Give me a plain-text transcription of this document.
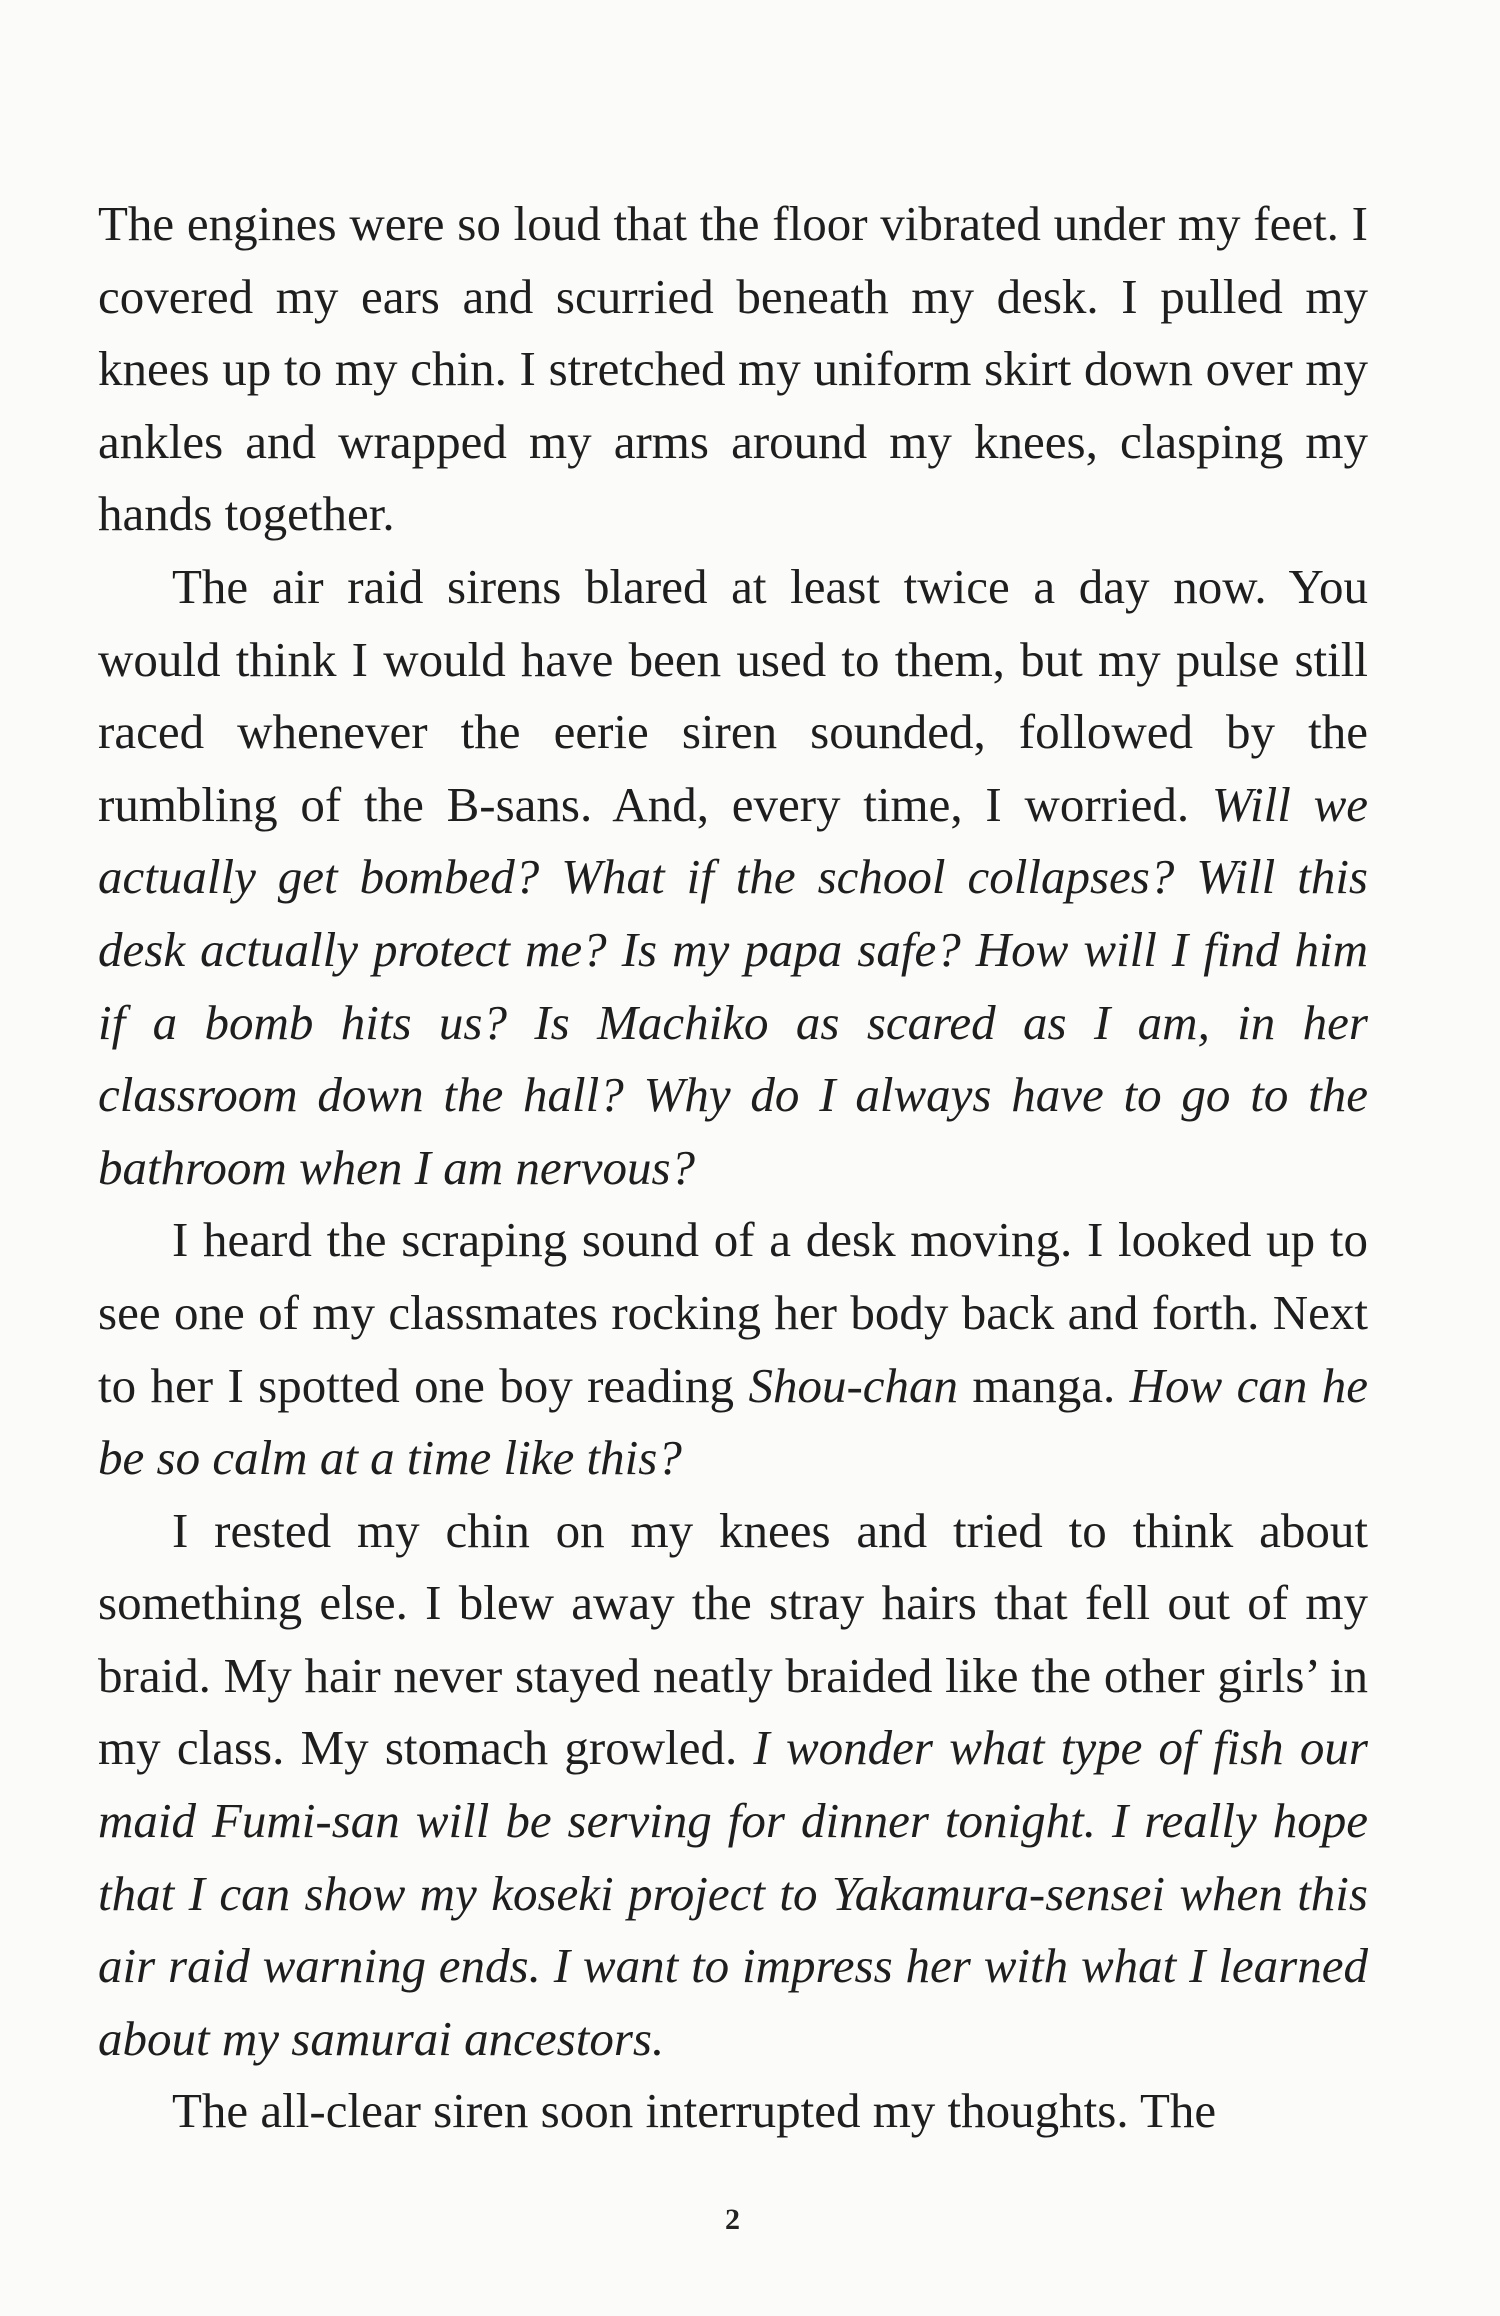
The engines were so loud that the floor vibrated under my feet. I covered my ears and scurried beneath my desk. I pulled my knees up to my chin. I stretched my uniform skirt down over my ankles and wrapped my arms around my knees, clasping my hands together.

The air raid sirens blared at least twice a day now. You would think I would have been used to them, but my pulse still raced whenever the eerie siren sounded, followed by the rumbling of the B-sans. And, every time, I worried. Will we actually get bombed? What if the school collapses? Will this desk actually protect me? Is my papa safe? How will I find him if a bomb hits us? Is Machiko as scared as I am, in her classroom down the hall? Why do I always have to go to the bathroom when I am nervous?

I heard the scraping sound of a desk moving. I looked up to see one of my classmates rocking her body back and forth. Next to her I spotted one boy reading Shou-chan manga. How can he be so calm at a time like this?

I rested my chin on my knees and tried to think about something else. I blew away the stray hairs that fell out of my braid. My hair never stayed neatly braided like the other girls’ in my class. My stomach growled. I wonder what type of fish our maid Fumi-san will be serving for dinner tonight. I really hope that I can show my koseki project to Yakamura-sensei when this air raid warning ends. I want to impress her with what I learned about my samurai ancestors.

The all-clear siren soon interrupted my thoughts. The

2
